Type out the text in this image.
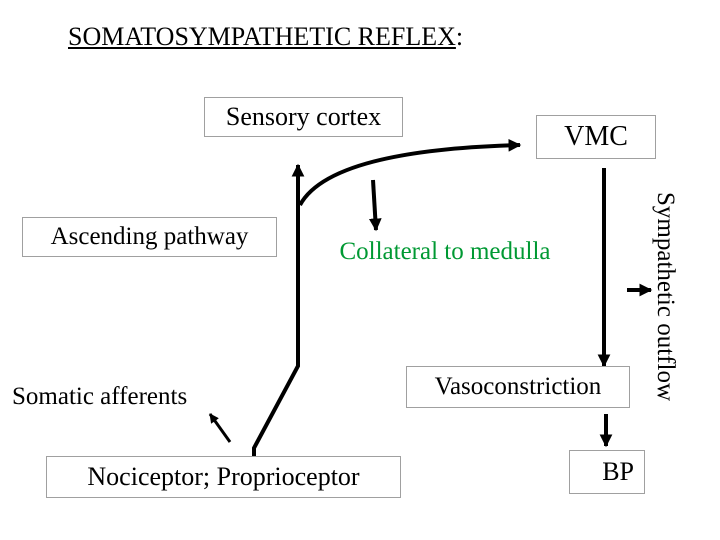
SOMATOSYMPATHETIC REFLEX:
Sensory cortex
VMC
Ascending pathway
Collateral to medulla
Somatic afferents	Vasoconstriction
Nociceptor; Proprioceptor	BP
Sympathetic outflow
